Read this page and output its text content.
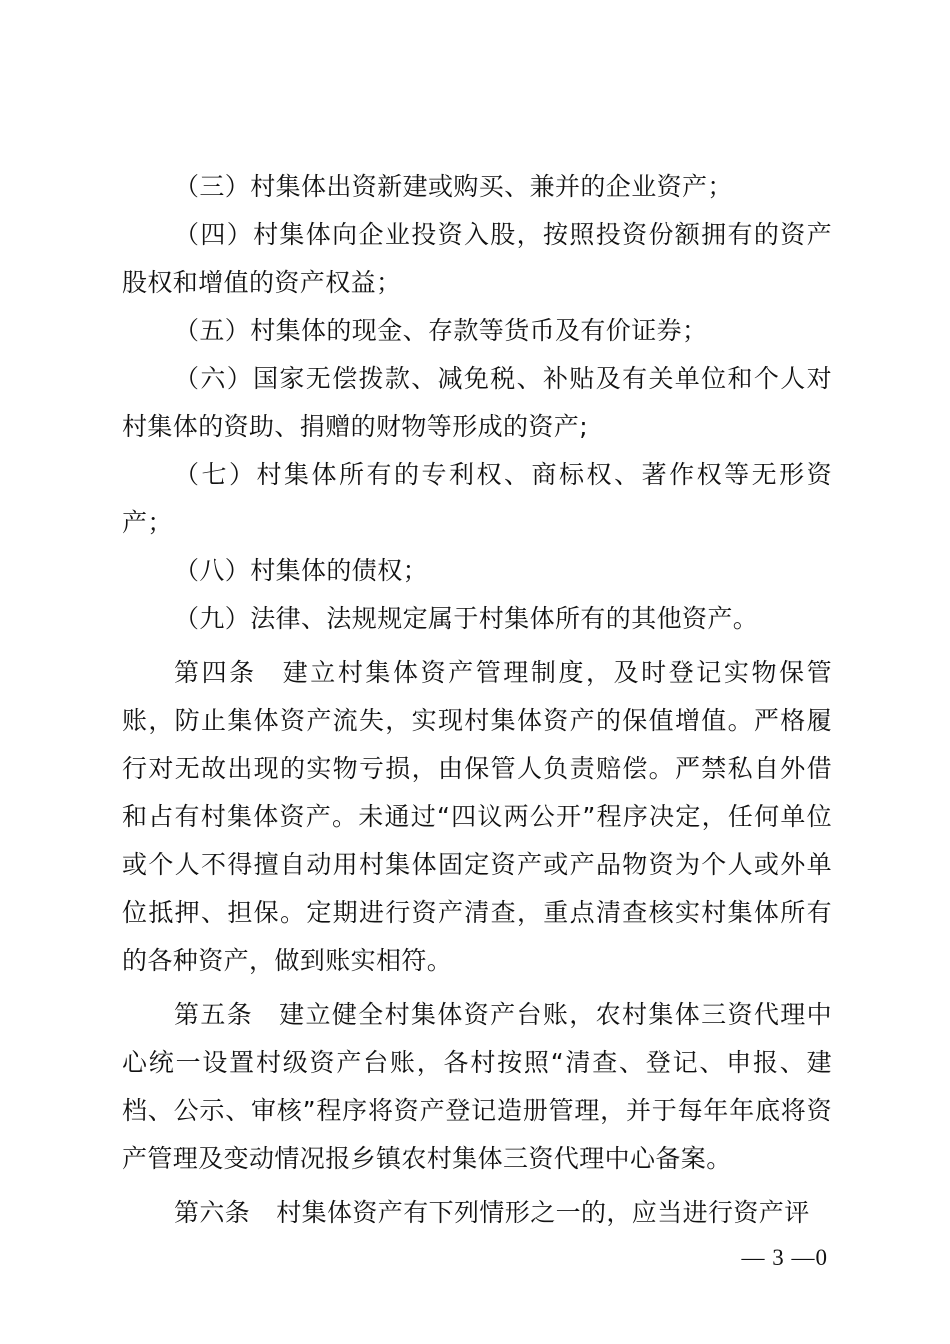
（三）村集体出资新建或购买、兼并的企业资产；

（四）村集体向企业投资入股，按照投资份额拥有的资产股权和增值的资产权益；

（五）村集体的现金、存款等货币及有价证券；

（六）国家无偿拨款、减免税、补贴及有关单位和个人对村集体的资助、捐赠的财物等形成的资产;

（七）村集体所有的专利权、商标权、著作权等无形资产；

（八）村集体的债权；

（九）法律、法规规定属于村集体所有的其他资产。

第四条 建立村集体资产管理制度，及时登记实物保管账，防止集体资产流失，实现村集体资产的保值增值。严格履行对无故出现的实物亏损，由保管人负责赔偿。严禁私自外借和占有村集体资产。未通过“四议两公开”程序决定，任何单位或个人不得擅自动用村集体固定资产或产品物资为个人或外单位抵押、担保。定期进行资产清查，重点清查核实村集体所有的各种资产，做到账实相符。

第五条 建立健全村集体资产台账，农村集体三资代理中心统一设置村级资产台账，各村按照“清查、登记、申报、建档、公示、审核”程序将资产登记造册管理，并于每年年底将资产管理及变动情况报乡镇农村集体三资代理中心备案。

第六条 村集体资产有下列情形之一的，应当进行资产评

— 3 —0
